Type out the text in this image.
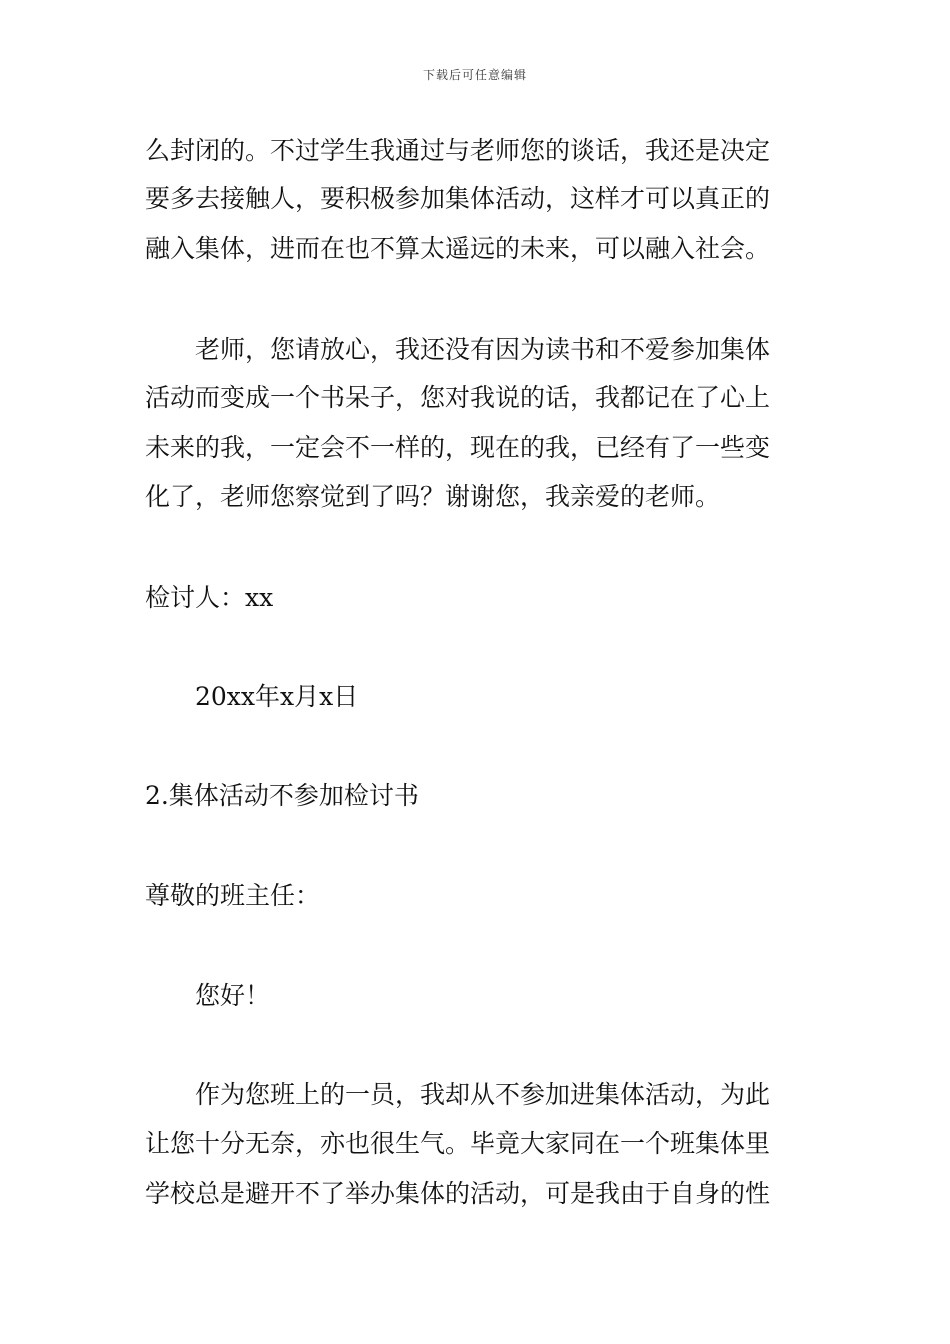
下载后可任意编辑
么封闭的。不过学生我通过与老师您的谈话，我还是决定
要多去接触人，要积极参加集体活动，这样才可以真正的
融入集体，进而在也不算太遥远的未来，可以融入社会。
老师，您请放心，我还没有因为读书和不爱参加集体
活动而变成一个书呆子，您对我说的话，我都记在了心上
未来的我，一定会不一样的，现在的我，已经有了一些变
化了，老师您察觉到了吗？谢谢您，我亲爱的老师。
检讨人：xx
20xx年x月x日
2.集体活动不参加检讨书
尊敬的班主任：
您好！
作为您班上的一员，我却从不参加进集体活动，为此
让您十分无奈，亦也很生气。毕竟大家同在一个班集体里
学校总是避开不了举办集体的活动，可是我由于自身的性
